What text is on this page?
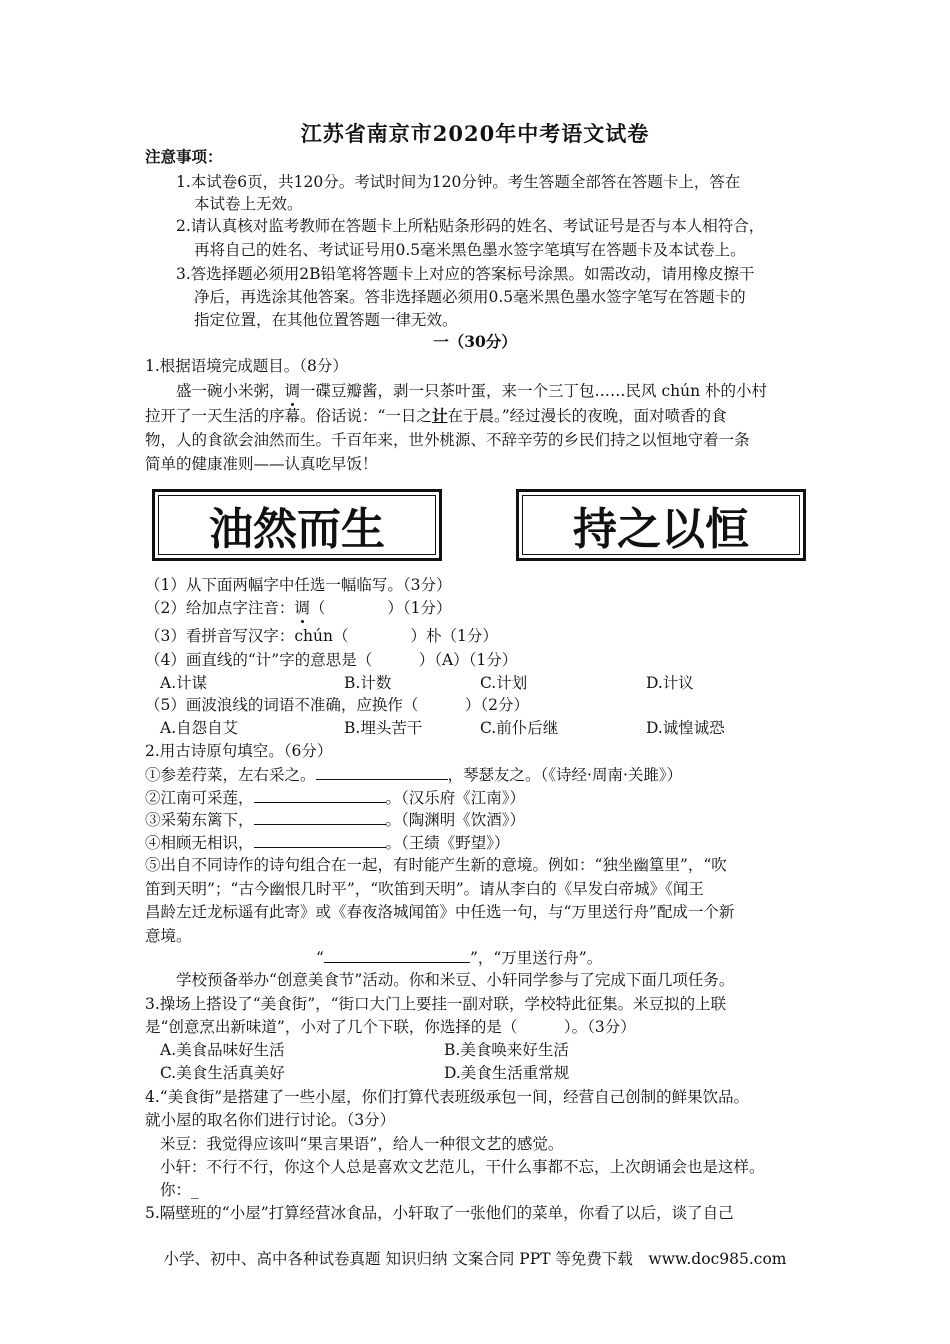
江苏省南京市2020年中考语文试卷
注意事项：
1.本试卷6页，共120分。考试时间为120分钟。考生答题全部答在答题卡上，答在
本试卷上无效。
2.请认真核对监考教师在答题卡上所粘贴条形码的姓名、考试证号是否与本人相符合，
再将自己的姓名、考试证号用0.5毫米黑色墨水签字笔填写在答题卡及本试卷上。
3.答选择题必须用2B铅笔将答题卡上对应的答案标号涂黑。如需改动，请用橡皮擦干
净后，再选涂其他答案。答非选择题必须用0.5毫米黑色墨水签字笔写在答题卡的
指定位置，在其他位置答题一律无效。
一（30分）
1.根据语境完成题目。（8分）
盛一碗小米粥，调一碟豆瓣酱，剥一只茶叶蛋，来一个三丁包……民风 chún 朴的小村
拉开了一天生活的序幕。俗话说：“一日之计在于晨。”经过漫长的夜晚，面对喷香的食
物，人的食欲会油然而生。千百年来，世外桃源、不辞辛劳的乡民们持之以恒地守着一条
简单的健康准则——认真吃早饭！
油然而生	持之以恒
（1）从下面两幅字中任选一幅临写。（3分）
（2）给加点字注音：调（　　　　）（1分）
（3）看拼音写汉字：chún（　　　　）朴（1分）
（4）画直线的“计”字的意思是（　　　）（A）（1分）
A.计谋	B.计数	C.计划	D.计议
（5）画波浪线的词语不准确，应换作（　　　）（2分）
A.自怨自艾	B.埋头苦干	C.前仆后继	D.诚惶诚恐
2.用古诗原句填空。（6分）
①参差荇菜，左右采之。	，琴瑟友之。（《诗经·周南·关雎》）
②江南可采莲，	。（汉乐府《江南》）
③采菊东篱下，	。（陶渊明《饮酒》）
④相顾无相识，	。（王绩《野望》）
⑤出自不同诗作的诗句组合在一起，有时能产生新的意境。例如：“独坐幽篁里”，“吹
笛到天明”；“古今幽恨几时平”，“吹笛到天明”。请从李白的《早发白帝城》《闻王
昌龄左迁龙标遥有此寄》或《春夜洛城闻笛》中任选一句，与“万里送行舟”配成一个新
意境。
“	”，“万里送行舟”。
学校预备举办“创意美食节”活动。你和米豆、小轩同学参与了完成下面几项任务。
3.操场上搭设了“美食街”，“街口大门上要挂一副对联，学校特此征集。米豆拟的上联
是“创意烹出新味道”，小对了几个下联，你选择的是（　　　）。（3分）
A.美食品味好生活	B.美食唤来好生活
C.美食生活真美好	D.美食生活重常规
4.“美食街”是搭建了一些小屋，你们打算代表班级承包一间，经营自己创制的鲜果饮品。
就小屋的取名你们进行讨论。（3分）
米豆：我觉得应该叫“果言果语”，给人一种很文艺的感觉。
小轩：不行不行，你这个人总是喜欢文艺范儿，干什么事都不忘，上次朗诵会也是这样。
你：_
5.隔壁班的“小屋”打算经营冰食品，小轩取了一张他们的菜单，你看了以后，谈了自己
小学、初中、高中各种试卷真题 知识归纳 文案合同 PPT 等免费下载　www.doc985.com
